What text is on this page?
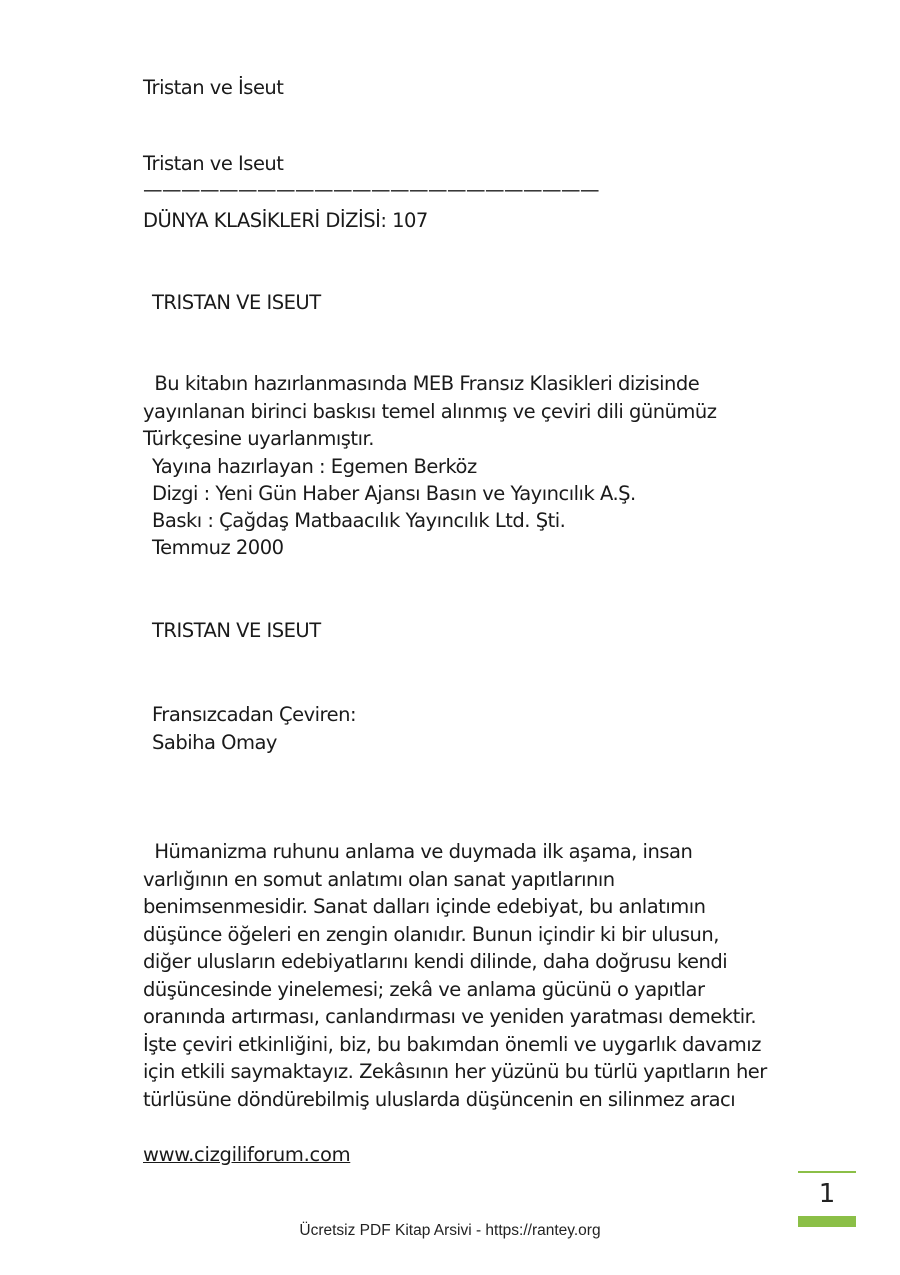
Tristan ve İseut
Tristan ve Iseut
————————————————————————
DÜNYA KLASİKLERİ DİZİSİ: 107
TRISTAN VE ISEUT
Bu kitabın hazırlanmasında MEB Fransız Klasikleri dizisinde
yayınlanan birinci baskısı temel alınmış ve çeviri dili günümüz
Türkçesine uyarlanmıştır.
Yayına hazırlayan : Egemen Berköz
Dizgi : Yeni Gün Haber Ajansı Basın ve Yayıncılık A.Ş.
Baskı : Çağdaş Matbaacılık Yayıncılık Ltd. Şti.
Temmuz 2000
TRISTAN VE ISEUT
Fransızcadan Çeviren:
Sabiha Omay
Hümanizma ruhunu anlama ve duymada ilk aşama, insan
varlığının en somut anlatımı olan sanat yapıtlarının
benimsenmesidir. Sanat dalları içinde edebiyat, bu anlatımın
düşünce öğeleri en zengin olanıdır. Bunun içindir ki bir ulusun,
diğer ulusların edebiyatlarını kendi dilinde, daha doğrusu kendi
düşüncesinde yinelemesi; zekâ ve anlama gücünü o yapıtlar
oranında artırması, canlandırması ve yeniden yaratması demektir.
İşte çeviri etkinliğini, biz, bu bakımdan önemli ve uygarlık davamız
için etkili saymaktayız. Zekâsının her yüzünü bu türlü yapıtların her
türlüsüne döndürebilmiş uluslarda düşüncenin en silinmez aracı
www.cizgiliforum.com
1
Ücretsiz PDF Kitap Arsivi - https://rantey.org
